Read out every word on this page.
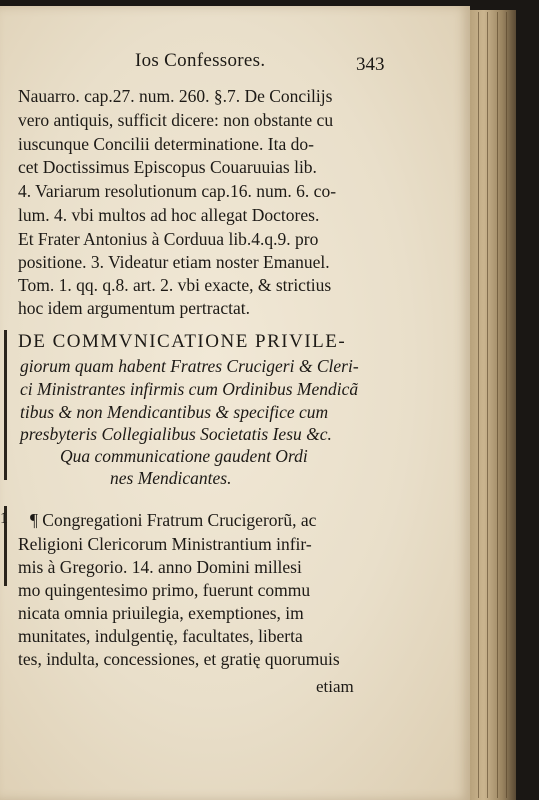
Ios Confessores.	343
Nauarro. cap.27. num. 260. §.7. De Concilijs
vero antiquis, sufficit dicere: non obstante cu
iuscunque Concilii determinatione. Ita do-
cet Doctissimus Episcopus Couaruuias lib.
4. Variarum resolutionum cap.16. num. 6. co-
lum. 4. vbi multos ad hoc allegat Doctores.
Et Frater Antonius à Corduua lib.4.q.9. pro
positione. 3. Videatur etiam noster Emanuel.
Tom. 1. qq. q.8. art. 2. vbi exacte, & strictius
hoc idem argumentum pertractat.
DE COMMVNICATIONE PRIVILE-
giorum quam habent Fratres Crucigeri & Cleri-
ci Ministrantes infirmis cum Ordinibus Mendicã
tibus & non Mendicantibus & specifice cum
presbyteris Collegialibus Societatis Iesu &c.
Qua communicatione gaudent Ordi
nes Mendicantes.
1 ¶ Congregationi Fratrum Crucigerorũ, ac
Religioni Clericorum Ministrantium infir-
mis à Gregorio. 14. anno Domini millesi
mo quingentesimo primo, fuerunt commu
nicata omnia priuilegia, exemptiones, im
munitates, indulgentię, facultates, liberta
tes, indulta, concessiones, et gratię quorumuis
etiam
